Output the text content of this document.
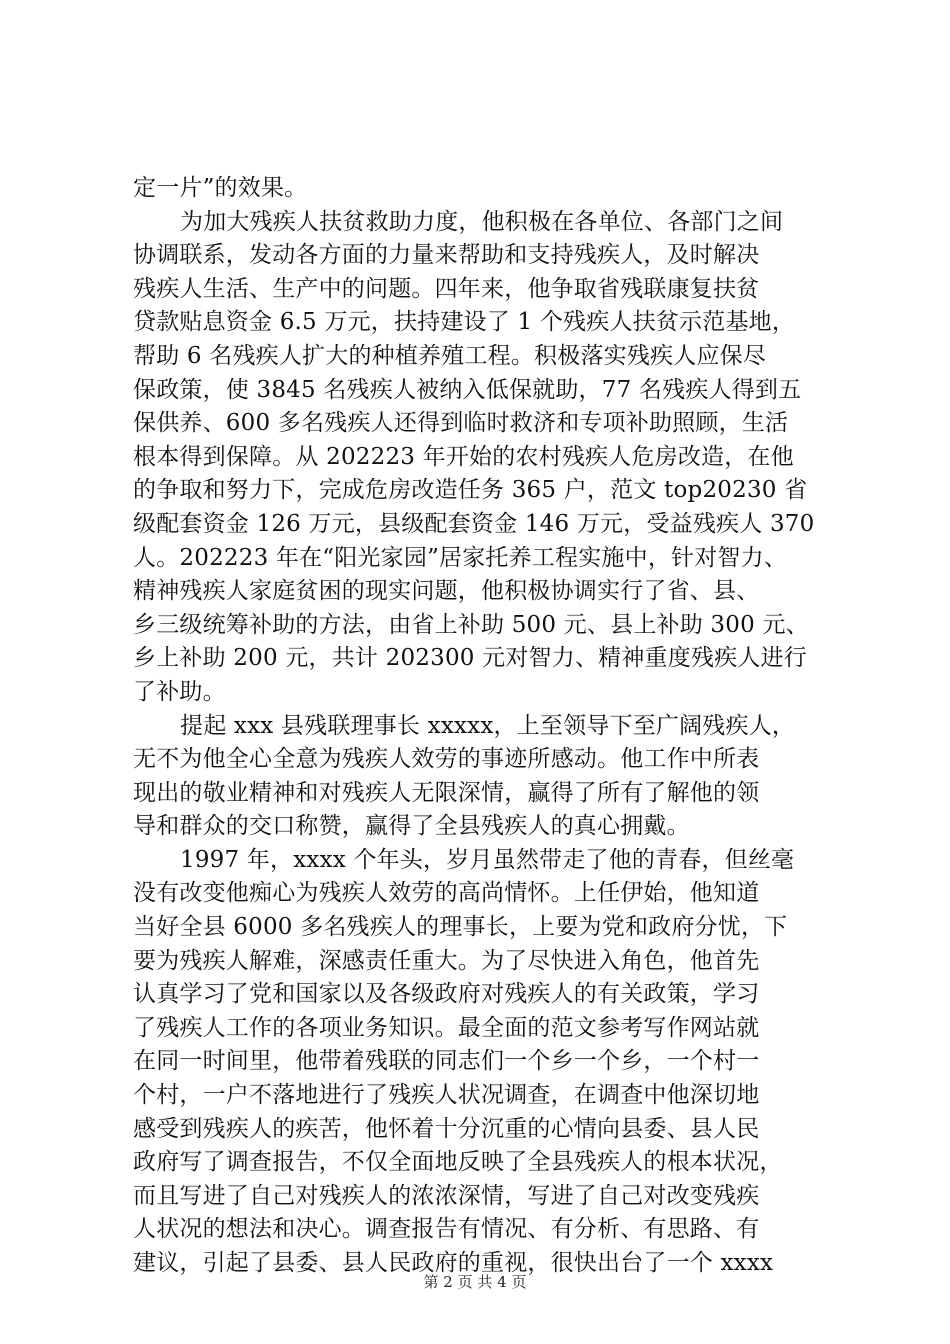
定一片”的效果。
为加大残疾人扶贫救助力度，他积极在各单位、各部门之间
协调联系，发动各方面的力量来帮助和支持残疾人，及时解决
残疾人生活、生产中的问题。四年来，他争取省残联康复扶贫
贷款贴息资金 6.5 万元，扶持建设了 1 个残疾人扶贫示范基地，
帮助 6 名残疾人扩大的种植养殖工程。积极落实残疾人应保尽
保政策，使 3845 名残疾人被纳入低保就助，77 名残疾人得到五
保供养、600 多名残疾人还得到临时救济和专项补助照顾，生活
根本得到保障。从 202223 年开始的农村残疾人危房改造，在他
的争取和努力下，完成危房改造任务 365 户，范文 top20230 省
级配套资金 126 万元，县级配套资金 146 万元，受益残疾人 370
人。202223 年在“阳光家园”居家托养工程实施中，针对智力、
精神残疾人家庭贫困的现实问题，他积极协调实行了省、县、
乡三级统筹补助的方法，由省上补助 500 元、县上补助 300 元、
乡上补助 200 元，共计 202300 元对智力、精神重度残疾人进行
了补助。
提起 xxx 县残联理事长 xxxxx，上至领导下至广阔残疾人，
无不为他全心全意为残疾人效劳的事迹所感动。他工作中所表
现出的敬业精神和对残疾人无限深情，赢得了所有了解他的领
导和群众的交口称赞，赢得了全县残疾人的真心拥戴。
1997 年，xxxx 个年头，岁月虽然带走了他的青春，但丝毫
没有改变他痴心为残疾人效劳的高尚情怀。上任伊始，他知道
当好全县 6000 多名残疾人的理事长，上要为党和政府分忧，下
要为残疾人解难，深感责任重大。为了尽快进入角色，他首先
认真学习了党和国家以及各级政府对残疾人的有关政策，学习
了残疾人工作的各项业务知识。最全面的范文参考写作网站就
在同一时间里，他带着残联的同志们一个乡一个乡，一个村一
个村，一户不落地进行了残疾人状况调查，在调查中他深切地
感受到残疾人的疾苦，他怀着十分沉重的心情向县委、县人民
政府写了调查报告，不仅全面地反映了全县残疾人的根本状况，
而且写进了自己对残疾人的浓浓深情，写进了自己对改变残疾
人状况的想法和决心。调查报告有情况、有分析、有思路、有
建议，引起了县委、县人民政府的重视，很快出台了一个 xxxx
第 2 页 共 4 页
